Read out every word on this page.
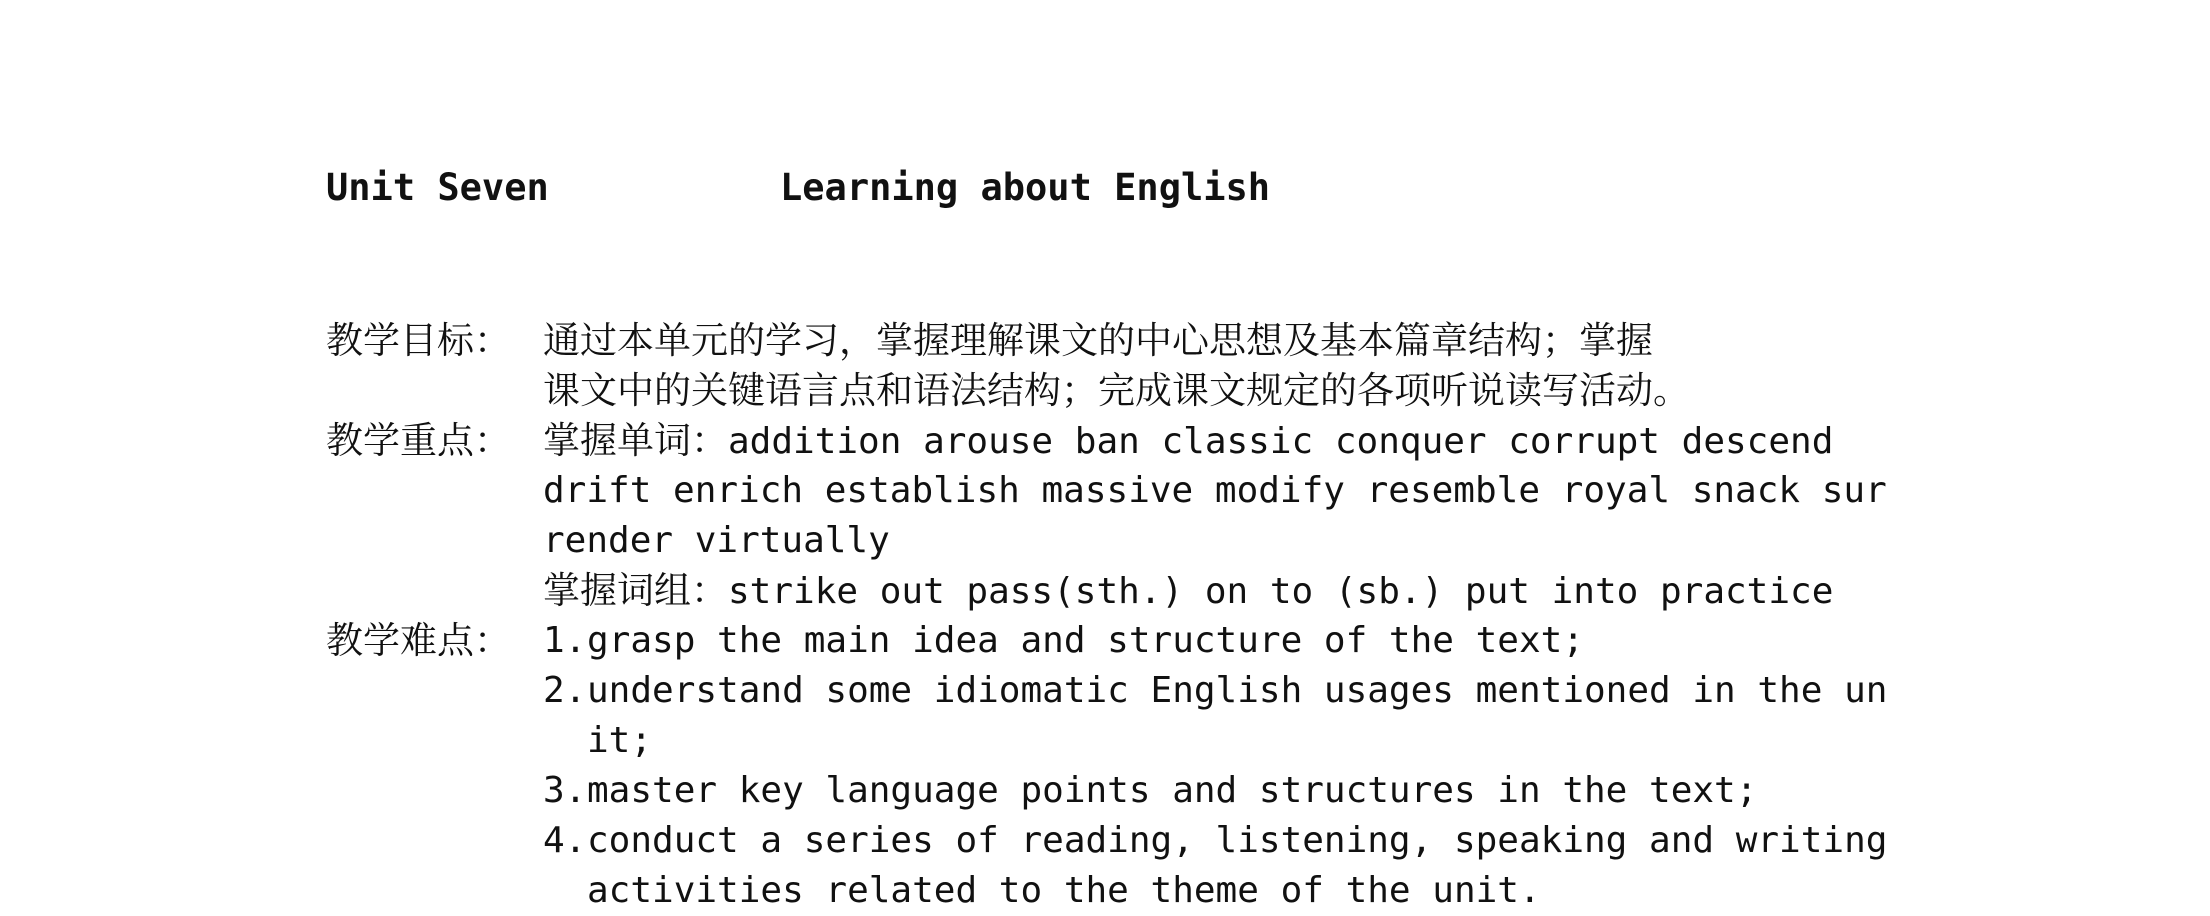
Unit Seven	Learning about English
教学目标： 通过本单元的学习，掌握理解课文的中心思想及基本篇章结构；掌握
课文中的关键语言点和语法结构；完成课文规定的各项听说读写活动。
教学重点： 掌握单词：addition arouse ban classic conquer corrupt descend
drift enrich establish massive modify resemble royal snack sur
render virtually
掌握词组：strike out pass(sth.) on to (sb.) put into practice
教学难点： 1.grasp the main idea and structure of the text;
2.understand some idiomatic English usages mentioned in the un
it;
3.master key language points and structures in the text;
4.conduct a series of reading, listening, speaking and writing
activities related to the theme of the unit.
